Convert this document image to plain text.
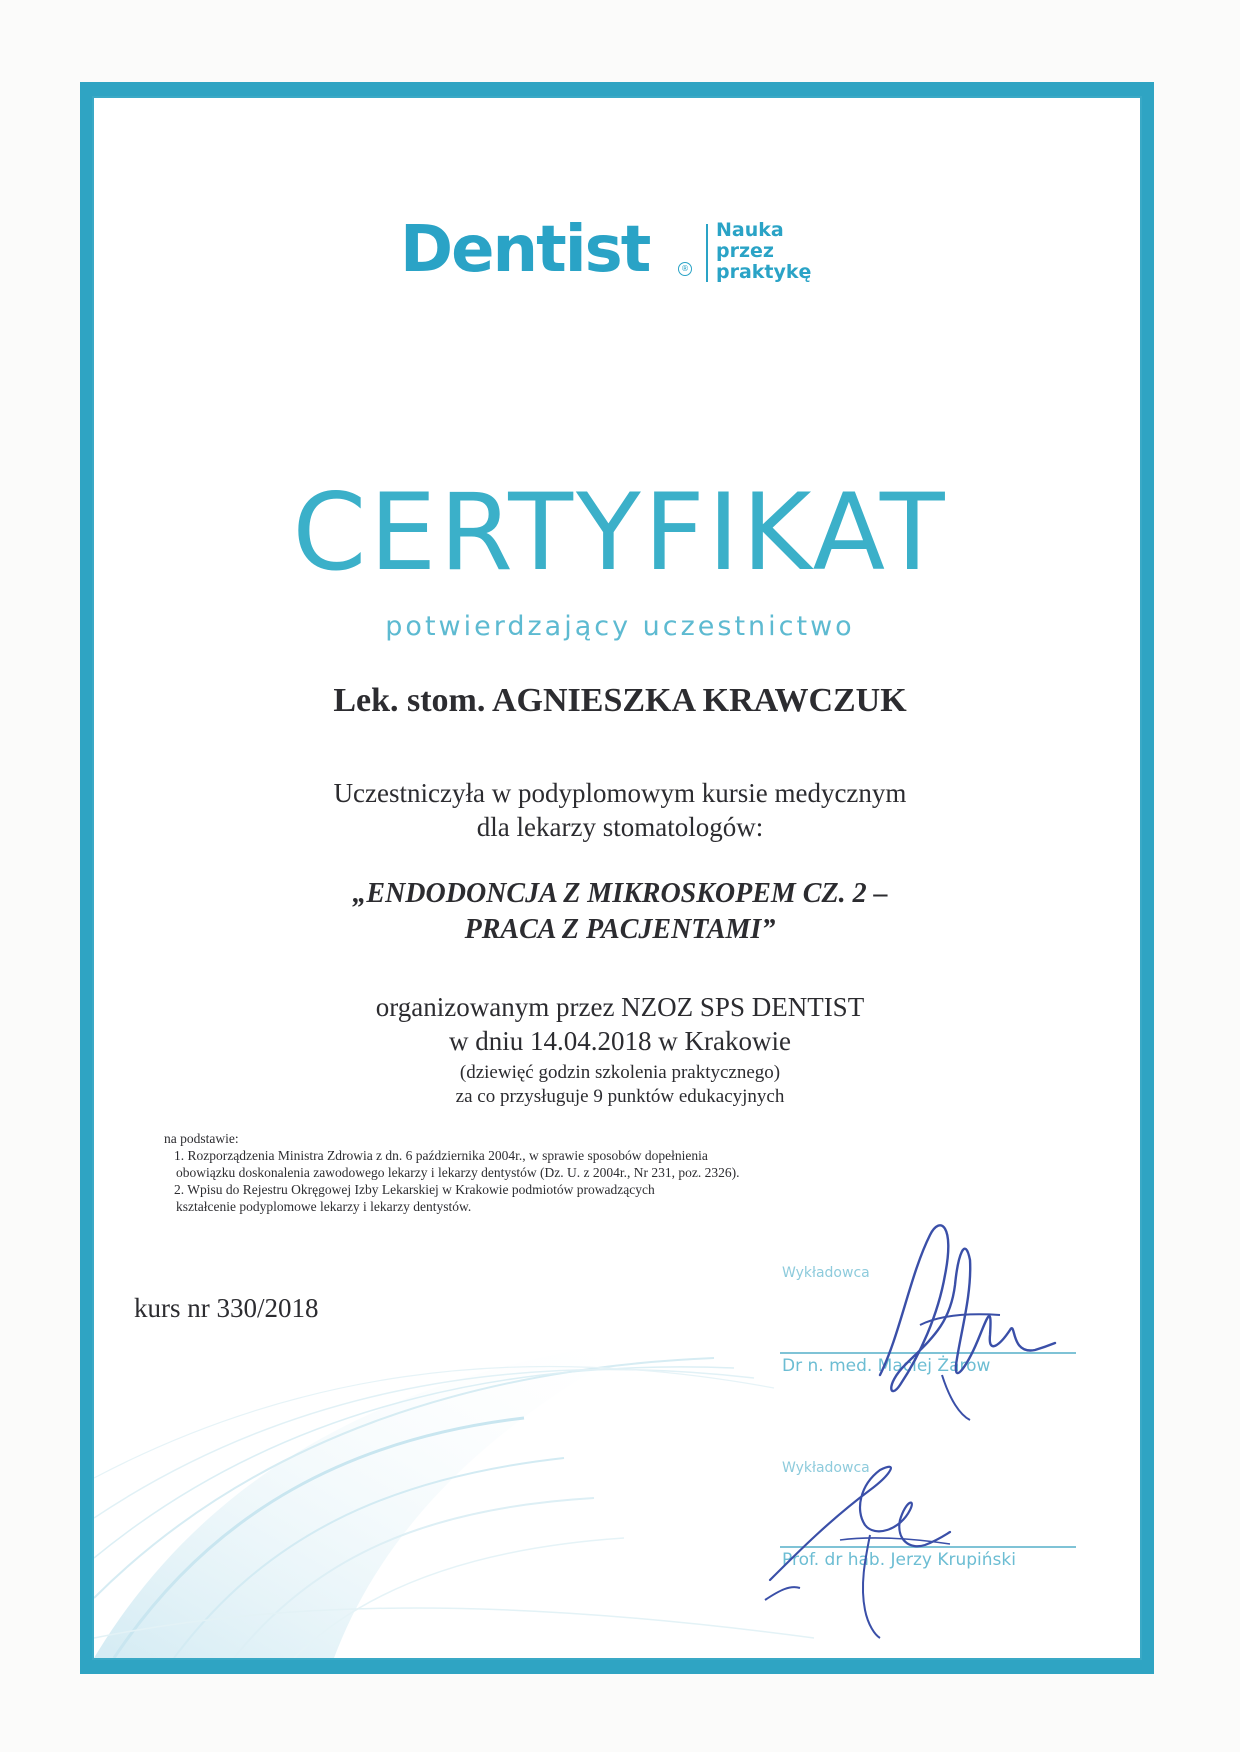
Dentist	®
Nauka
przez
praktykę
CERTYFIKAT
potwierdzający uczestnictwo
Lek. stom. AGNIESZKA KRAWCZUK
Uczestniczyła w podyplomowym kursie medycznym
dla lekarzy stomatologów:
„ENDODONCJA Z MIKROSKOPEM CZ. 2 –
PRACA Z PACJENTAMI”
organizowanym przez NZOZ SPS DENTIST
w dniu 14.04.2018 w Krakowie
(dziewięć godzin szkolenia praktycznego)
za co przysługuje 9 punktów edukacyjnych
na podstawie:
1. Rozporządzenia Ministra Zdrowia z dn. 6 października 2004r., w sprawie sposobów dopełnienia
obowiązku doskonalenia zawodowego lekarzy i lekarzy dentystów (Dz. U. z 2004r., Nr 231, poz. 2326).
2. Wpisu do Rejestru Okręgowej Izby Lekarskiej w Krakowie podmiotów prowadzących
kształcenie podyplomowe lekarzy i lekarzy dentystów.
kurs nr 330/2018
Wykładowca
Dr n. med. Maciej Żarow
Wykładowca
Prof. dr hab. Jerzy Krupiński
